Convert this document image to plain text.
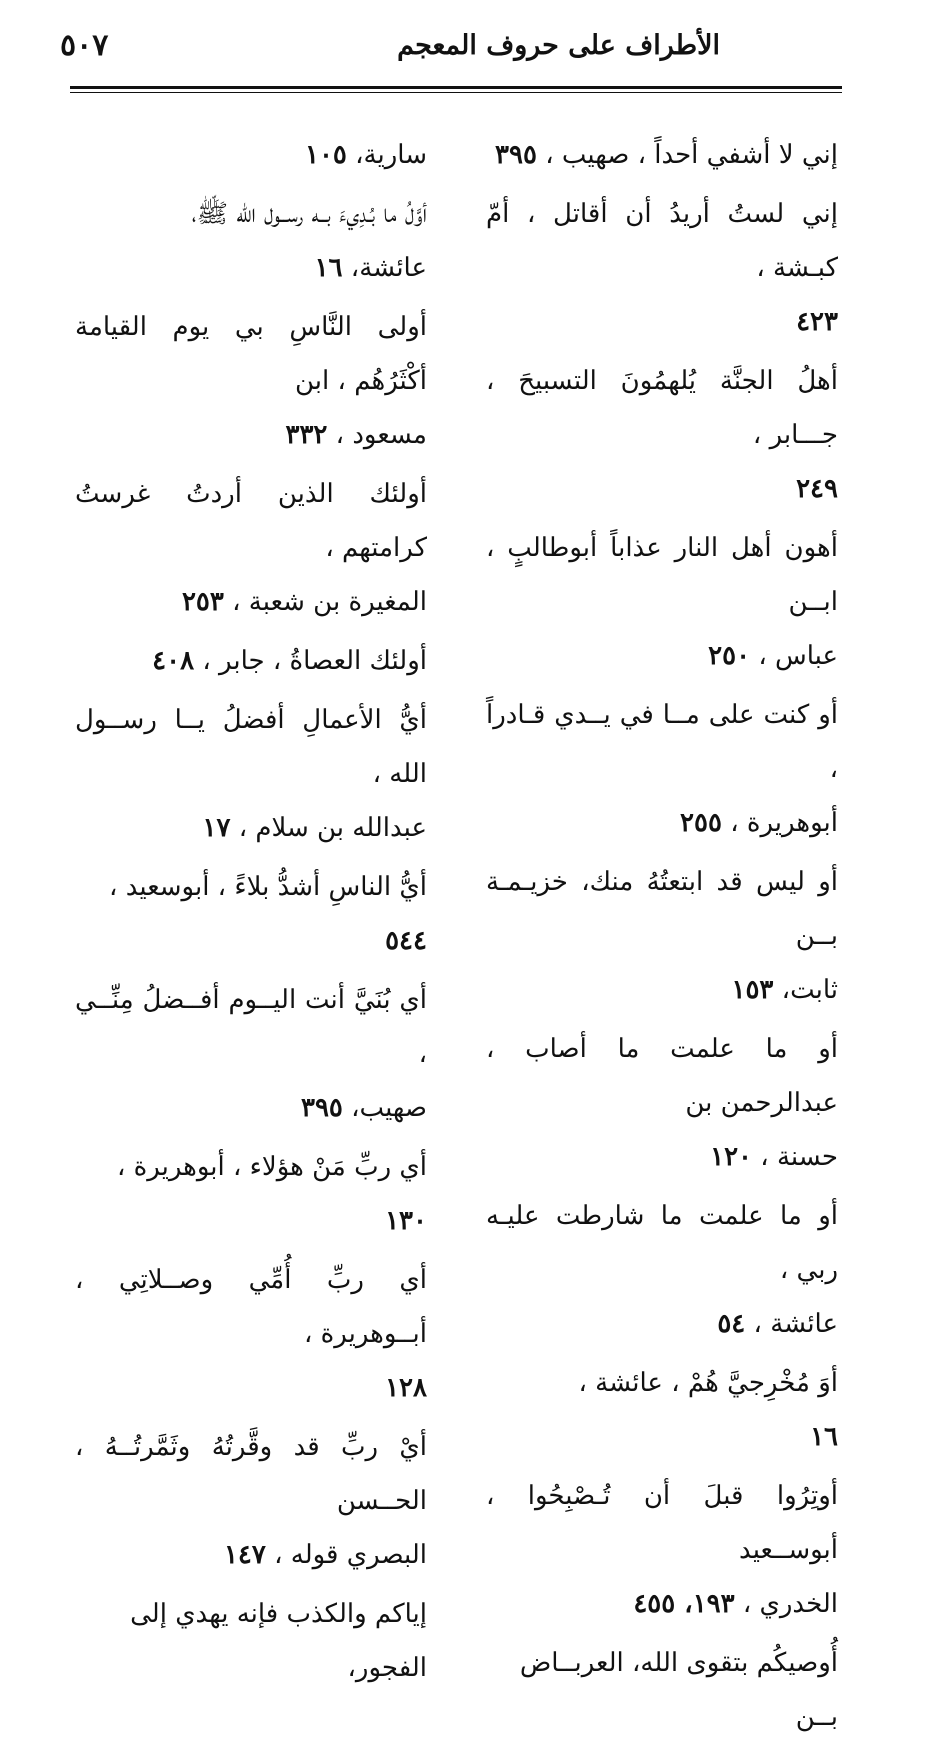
٥٠٧	الأطراف على حروف المعجم
إني لا أشفي أحداً ، صهيب ، ٣٩٥
إني لستُ أريدُ أن أقاتل ، أمّ كبـشة ،
٤٢٣
أهلُ الجنَّة يُلهمُونَ التسبيحَ ، جـــابر ،
٢٤٩
أهون أهل النار عذاباً أبوطالبٍ ، ابــن
عباس ، ٢٥٠
أو كنت على مــا في يــدي قـادراً ،
أبوهريرة ، ٢٥٥
أو ليس قد ابتعتُهُ منك، خزيـمـة بــن
ثابت، ١٥٣
أو ما علمت ما أصاب ، عبدالرحمن بن
حسنة ، ١٢٠
أو ما علمت ما شارطت عليـه ربي ،
عائشة ، ٥٤
أوَ مُخْرِجيَّ هُمْ ، عائشة ،
١٦
أوتِرُوا قبلَ أن تُـصْبِحُوا ، أبوســعيد
الخدري ، ١٩٣، ٤٥٥
أُوصيكُم بتقوى الله، العربــاض بــن
سارية، ١٠٥
أوَّلُ ما بُـدِيءَ بــه رســول الله ﷺ،
عائشة، ١٦
أولى النَّاسِ بي يوم القيامة أكْثَرُهُم ، ابن
مسعود ، ٣٣٢
أولئك الذين أردتُ غرستُ كرامتهم ،
المغيرة بن شعبة ، ٢٥٣
أولئك العصاةُ ، جابر ، ٤٠٨
أيُّ الأعمالِ أفضلُ يــا رســول الله ،
عبدالله بن سلام ، ١٧
أيُّ الناسِ أشدُّ بلاءً ، أبوسعيد ،
٥٤٤
أي بُنَيَّ أنت اليــوم أفــضلُ مِنِّــي ،
صهيب، ٣٩٥
أي ربِّ مَنْ هؤلاء ، أبوهريرة ،
١٣٠
أي ربِّ أُمِّي وصــلاتِي ، أبــوهريرة ،
١٢٨
أيْ ربِّ قد وقَّرتُهُ وثَمَّرتُــهُ ، الحــسن
البصري قوله ، ١٤٧
إياكم والكذب فإنه يهدي إلى الفجور،
